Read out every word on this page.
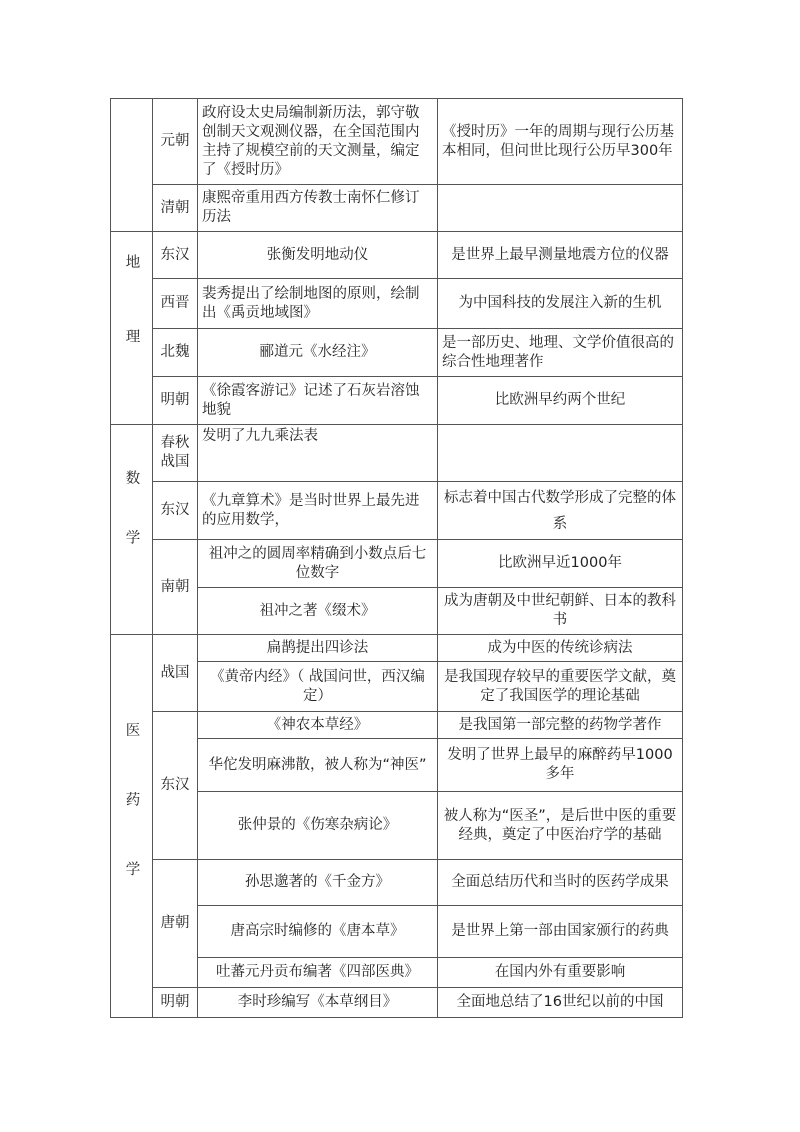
	元朝	政府设太史局编制新历法，郭守敬创制天文观测仪器，在全国范围内主持了规模空前的天文测量，编定了《授时历》	《授时历》一年的周期与现行公历基本相同，但问世比现行公历早300年
	清朝	康熙帝重用西方传教士南怀仁修订历法	
地理	东汉	张衡发明地动仪	是世界上最早测量地震方位的仪器
	西晋	裴秀提出了绘制地图的原则，绘制出《禹贡地域图》	为中国科技的发展注入新的生机
	北魏	郦道元《水经注》	是一部历史、地理、文学价值很高的综合性地理著作
	明朝	《徐霞客游记》记述了石灰岩溶蚀地貌	比欧洲早约两个世纪
数学	春秋战国	发明了九九乘法表	
	东汉	《九章算术》是当时世界上最先进的应用数学，	标志着中国古代数学形成了完整的体系
	南朝	祖冲之的圆周率精确到小数点后七位数字	比欧洲早近1000年
		祖冲之著《缀术》	成为唐朝及中世纪朝鲜、日本的教科书
医药学	战国	扁鹊提出四诊法	成为中医的传统诊病法
		《黄帝内经》（ 战国问世，西汉编定）	是我国现存较早的重要医学文献，奠定了我国医学的理论基础
	东汉	《神农本草经》	是我国第一部完整的药物学著作
		华佗发明麻沸散，被人称为“神医”	发明了世界上最早的麻醉药早1000多年
		张仲景的《伤寒杂病论》	被人称为“医圣”，是后世中医的重要经典，奠定了中医治疗学的基础
	唐朝	孙思邈著的《千金方》	全面总结历代和当时的医药学成果
		唐高宗时编修的《唐本草》	是世界上第一部由国家颁行的药典
		吐蕃元丹贡布编著《四部医典》	在国内外有重要影响
	明朝	李时珍编写《本草纲目》	全面地总结了16世纪以前的中国
